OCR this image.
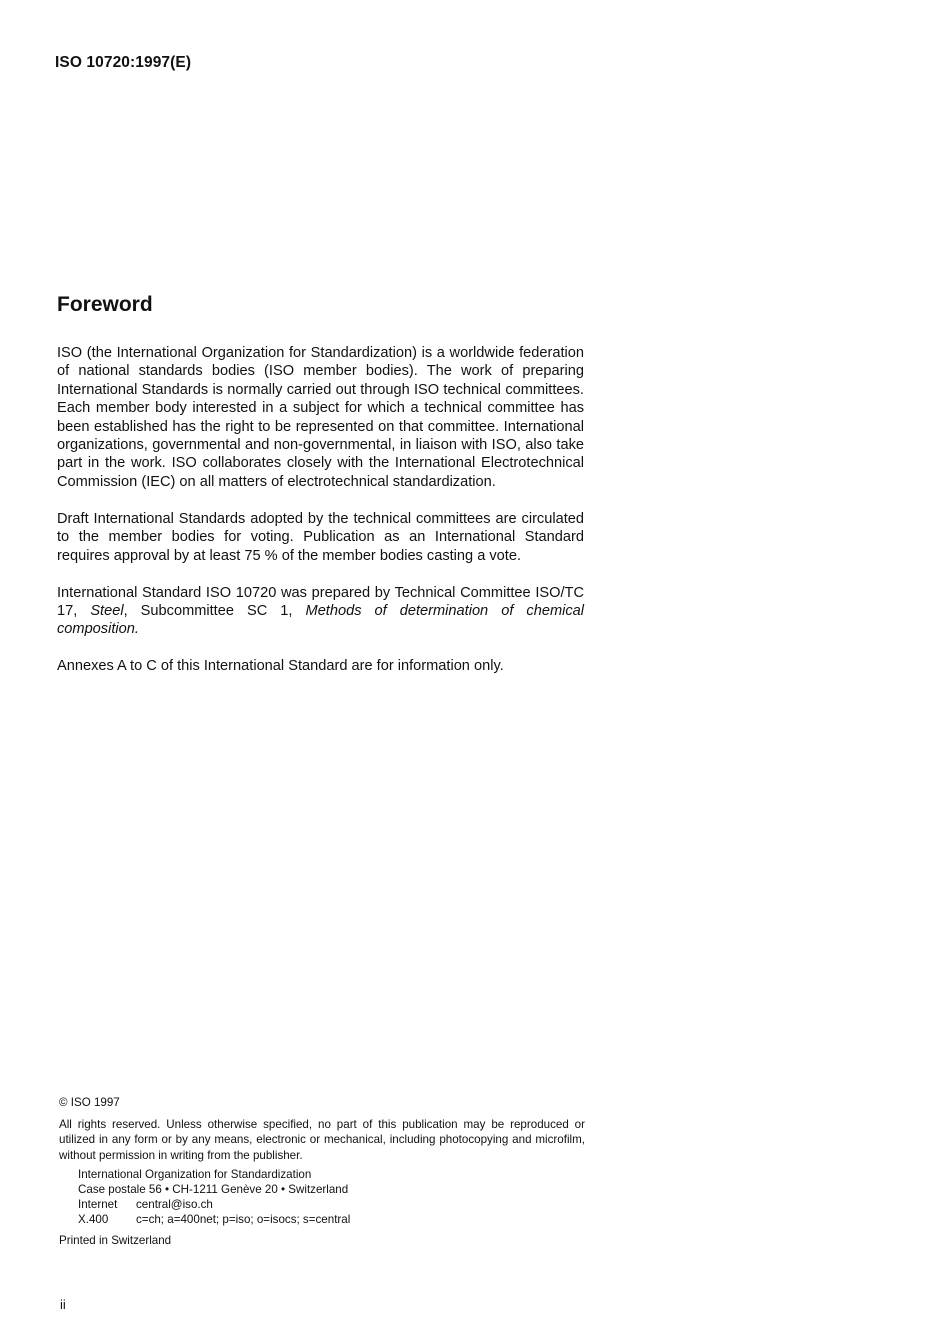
ISO 10720:1997(E)
Foreword

ISO (the International Organization for Standardization) is a worldwide federation of national standards bodies (ISO member bodies). The work of preparing International Standards is normally carried out through ISO technical committees. Each member body interested in a subject for which a technical committee has been established has the right to be represented on that committee. International organizations, governmental and non-governmental, in liaison with ISO, also take part in the work. ISO collaborates closely with the International Electrotechnical Commission (IEC) on all matters of electrotechnical standardization.

Draft International Standards adopted by the technical committees are circulated to the member bodies for voting. Publication as an International Standard requires approval by at least 75 % of the member bodies casting a vote.

International Standard ISO 10720 was prepared by Technical Committee ISO/TC 17, Steel, Subcommittee SC 1, Methods of determination of chemical composition.

Annexes A to C of this International Standard are for information only.

© ISO 1997
All rights reserved. Unless otherwise specified, no part of this publication may be reproduced or utilized in any form or by any means, electronic or mechanical, including photocopying and microfilm, without permission in writing from the publisher.
International Organization for Standardization
Case postale 56 • CH-1211 Genève 20 • Switzerland
Internet central@iso.ch
X.400 c=ch; a=400net; p=iso; o=isocs; s=central
Printed in Switzerland
ii
